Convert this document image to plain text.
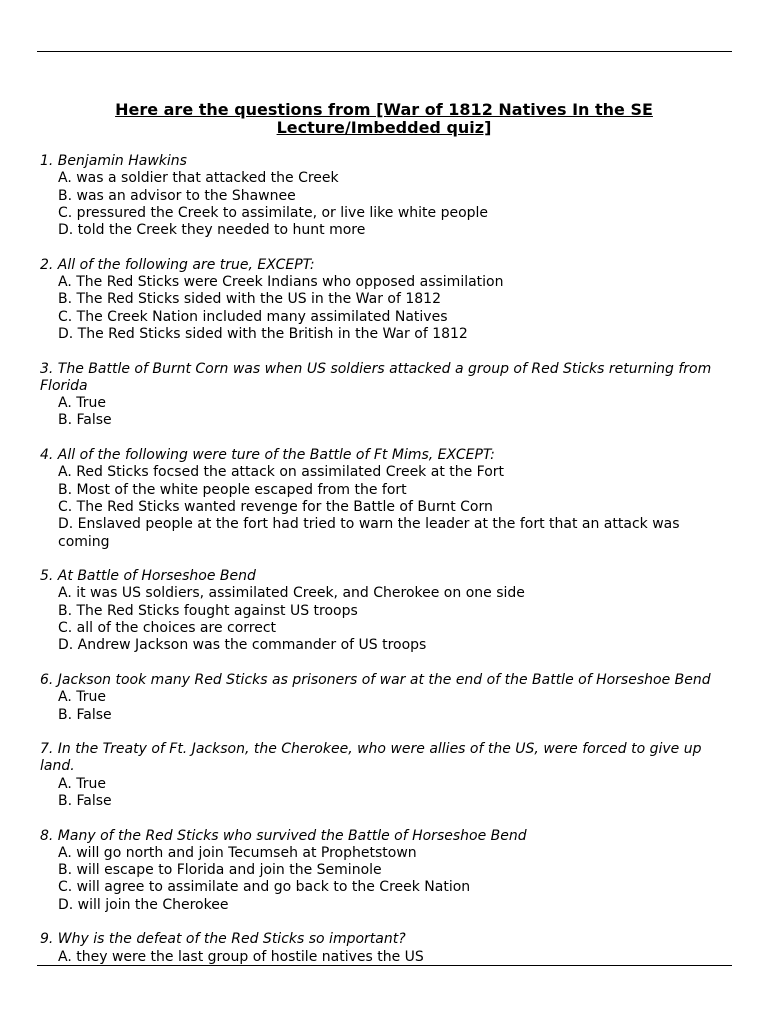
Here are the questions from [War of 1812 Natives In the SE
Lecture/Imbedded quiz]
1. Benjamin Hawkins
A. was a soldier that attacked the Creek
B. was an advisor to the Shawnee
C. pressured the Creek to assimilate, or live like white people
D. told the Creek they needed to hunt more
2. All of the following are true, EXCEPT:
A. The Red Sticks were Creek Indians who opposed assimilation
B. The Red Sticks sided with the US in the War of 1812
C. The Creek Nation included many assimilated Natives
D. The Red Sticks sided with the British in the War of 1812
3. The Battle of Burnt Corn was when US soldiers attacked a group of Red Sticks returning from Florida
A. True
B. False
4. All of the following were ture of the Battle of Ft Mims, EXCEPT:
A. Red Sticks focsed the attack on assimilated Creek at the Fort
B. Most of the white people escaped from the fort
C. The Red Sticks wanted revenge for the Battle of Burnt Corn
D. Enslaved people at the fort had tried to warn the leader at the fort that an attack was coming
5. At Battle of Horseshoe Bend
A. it was US soldiers, assimilated Creek, and Cherokee on one side
B. The Red Sticks fought against US troops
C. all of the choices are correct
D. Andrew Jackson was the commander of US troops
6. Jackson took many Red Sticks as prisoners of war at the end of the Battle of Horseshoe Bend
A. True
B. False
7. In the Treaty of Ft. Jackson, the Cherokee, who were allies of the US, were forced to give up land.
A. True
B. False
8. Many of the Red Sticks who survived the Battle of Horseshoe Bend
A. will go north and join Tecumseh at Prophetstown
B. will escape to Florida and join the Seminole
C. will agree to assimilate and go back to the Creek Nation
D. will join the Cherokee
9. Why is the defeat of the Red Sticks so important?
A. they were the last group of hostile natives the US
